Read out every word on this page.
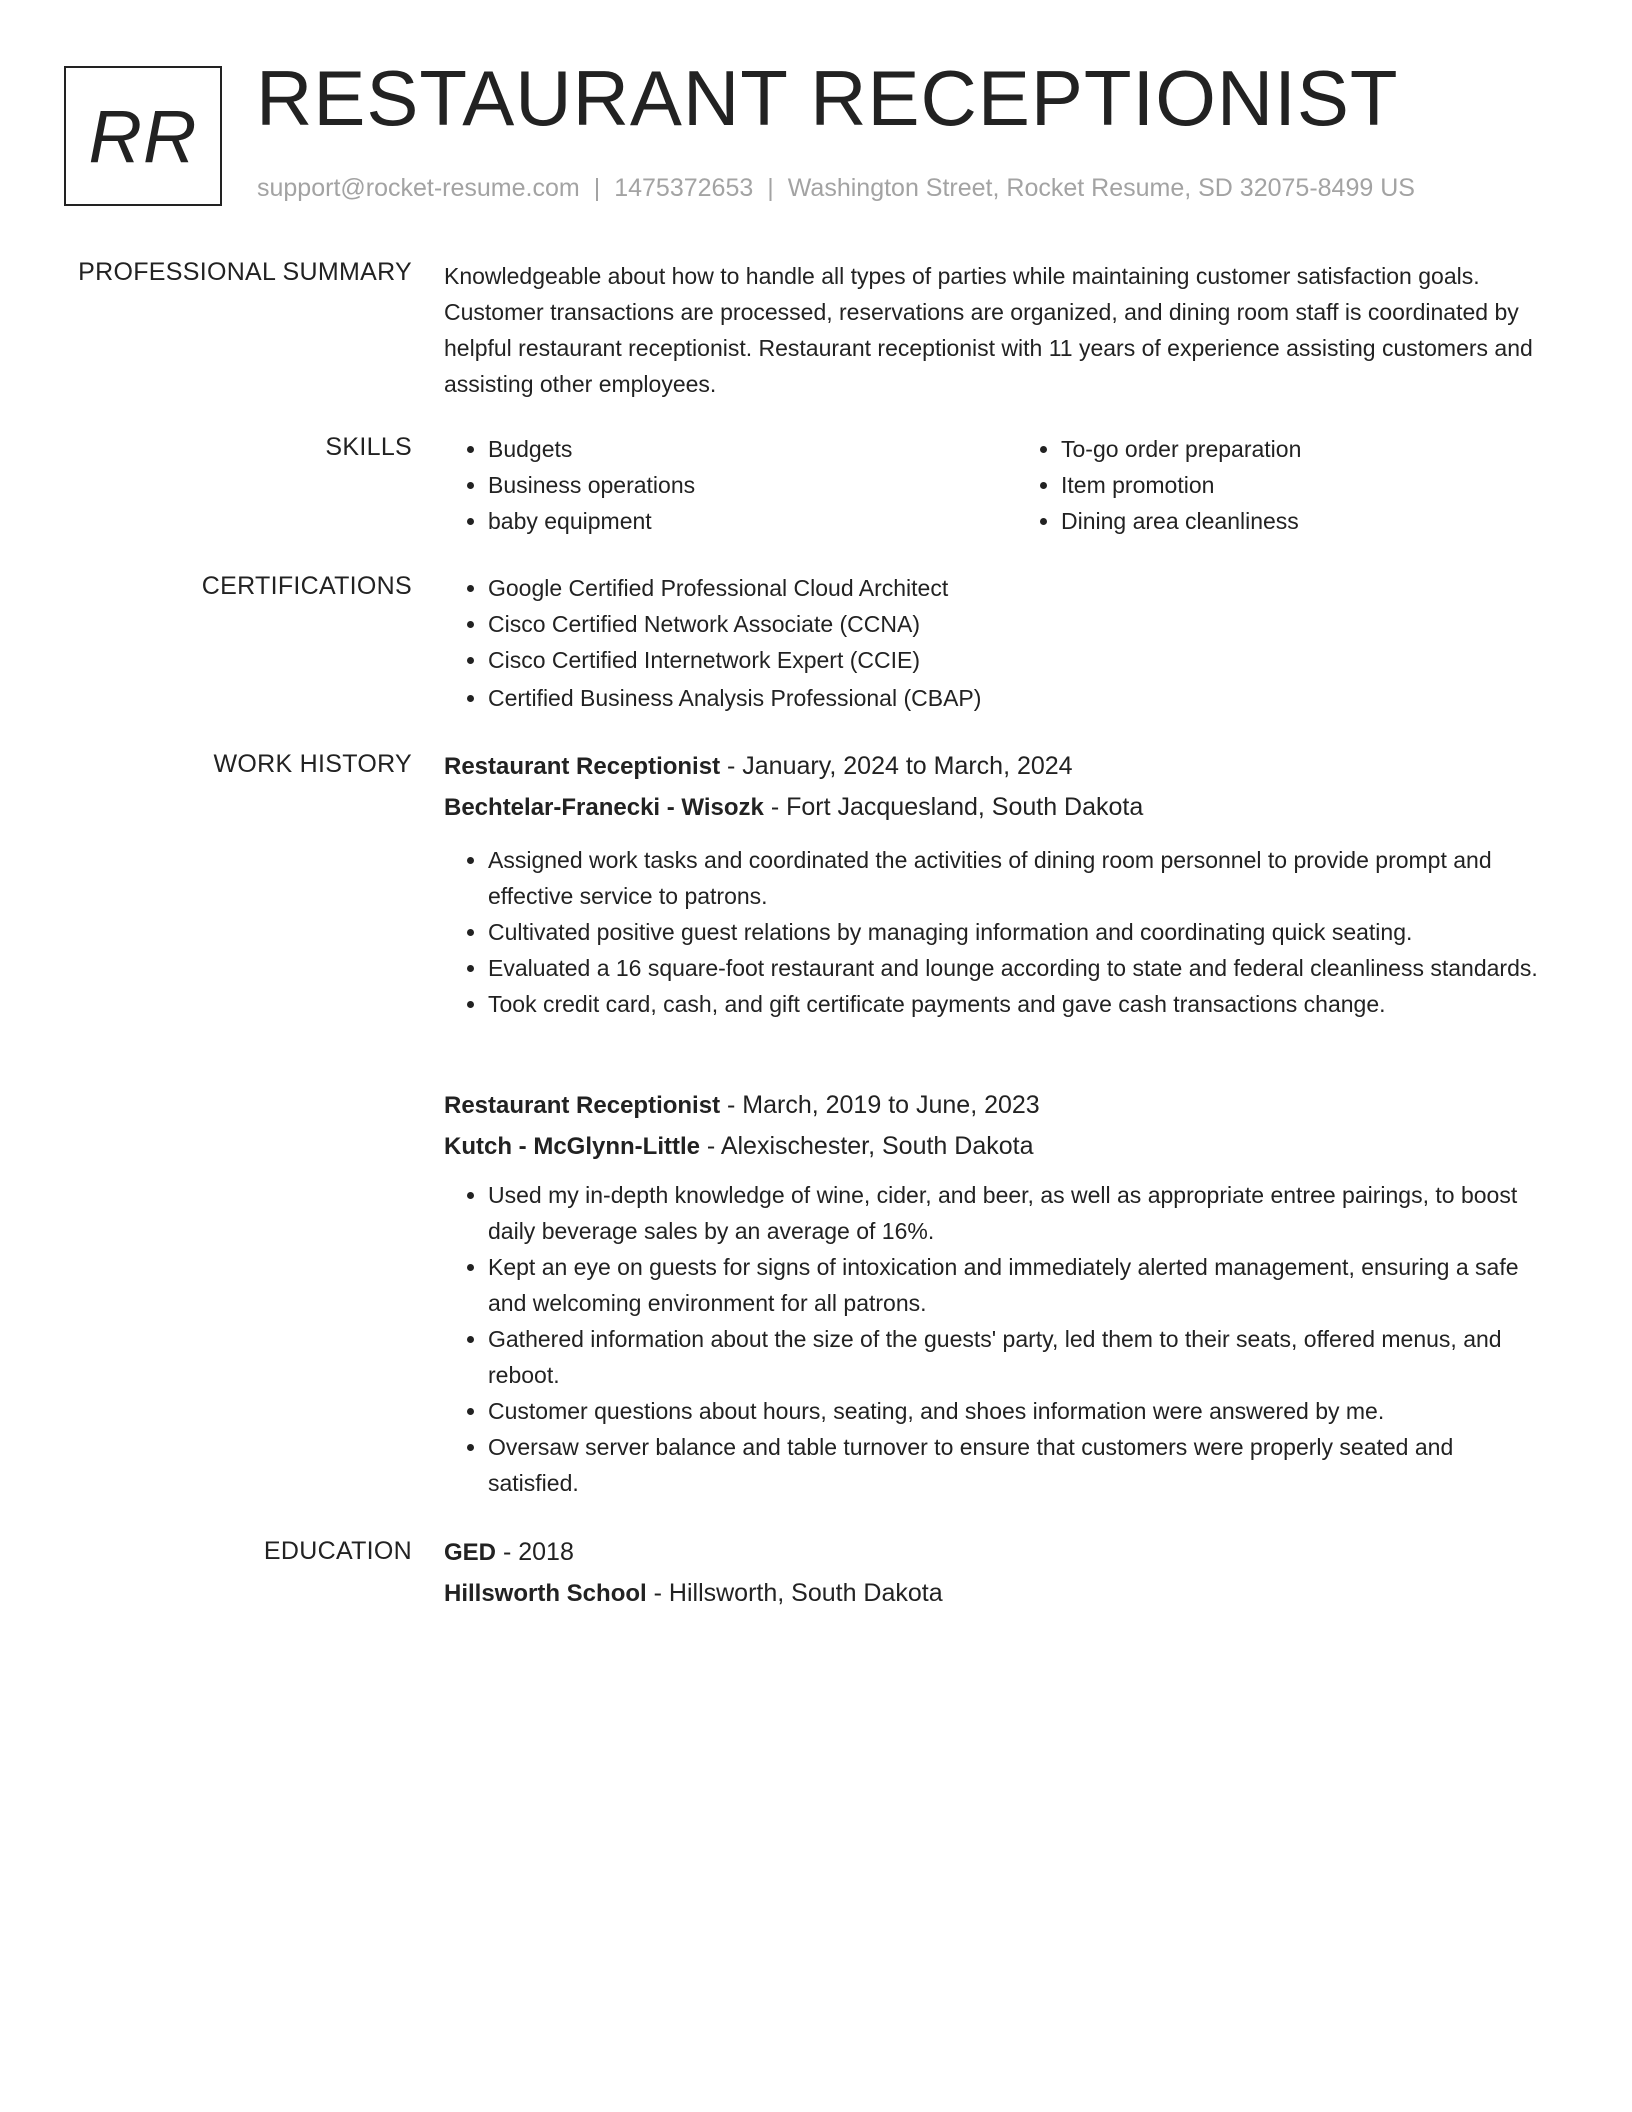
RR RESTAURANT RECEPTIONIST
support@rocket-resume.com | 1475372653 | Washington Street, Rocket Resume, SD 32075-8499 US
PROFESSIONAL SUMMARY Knowledgeable about how to handle all types of parties while maintaining customer satisfaction goals. Customer transactions are processed, reservations are organized, and dining room staff is coordinated by helpful restaurant receptionist. Restaurant receptionist with 11 years of experience assisting customers and assisting other employees.
SKILLS	• Budgets
• Business operations
• baby equipment
• To-go order preparation
• Item promotion
• Dining area cleanliness
CERTIFICATIONS	• Google Certified Professional Cloud Architect
• Cisco Certified Network Associate (CCNA)
• Cisco Certified Internetwork Expert (CCIE)
• Certified Business Analysis Professional (CBAP)
WORK HISTORY Restaurant Receptionist - January, 2024 to March, 2024
Bechtelar-Franecki - Wisozk - Fort Jacquesland, South Dakota
• Assigned work tasks and coordinated the activities of dining room personnel to provide prompt and effective service to patrons.
• Cultivated positive guest relations by managing information and coordinating quick seating.
• Evaluated a 16 square-foot restaurant and lounge according to state and federal cleanliness standards.
• Took credit card, cash, and gift certificate payments and gave cash transactions change.
Restaurant Receptionist - March, 2019 to June, 2023
Kutch - McGlynn-Little - Alexischester, South Dakota
• Used my in-depth knowledge of wine, cider, and beer, as well as appropriate entree pairings, to boost daily beverage sales by an average of 16%.
• Kept an eye on guests for signs of intoxication and immediately alerted management, ensuring a safe and welcoming environment for all patrons.
• Gathered information about the size of the guests' party, led them to their seats, offered menus, and reboot.
• Customer questions about hours, seating, and shoes information were answered by me.
• Oversaw server balance and table turnover to ensure that customers were properly seated and satisfied.
EDUCATION GED - 2018
Hillsworth School - Hillsworth, South Dakota
